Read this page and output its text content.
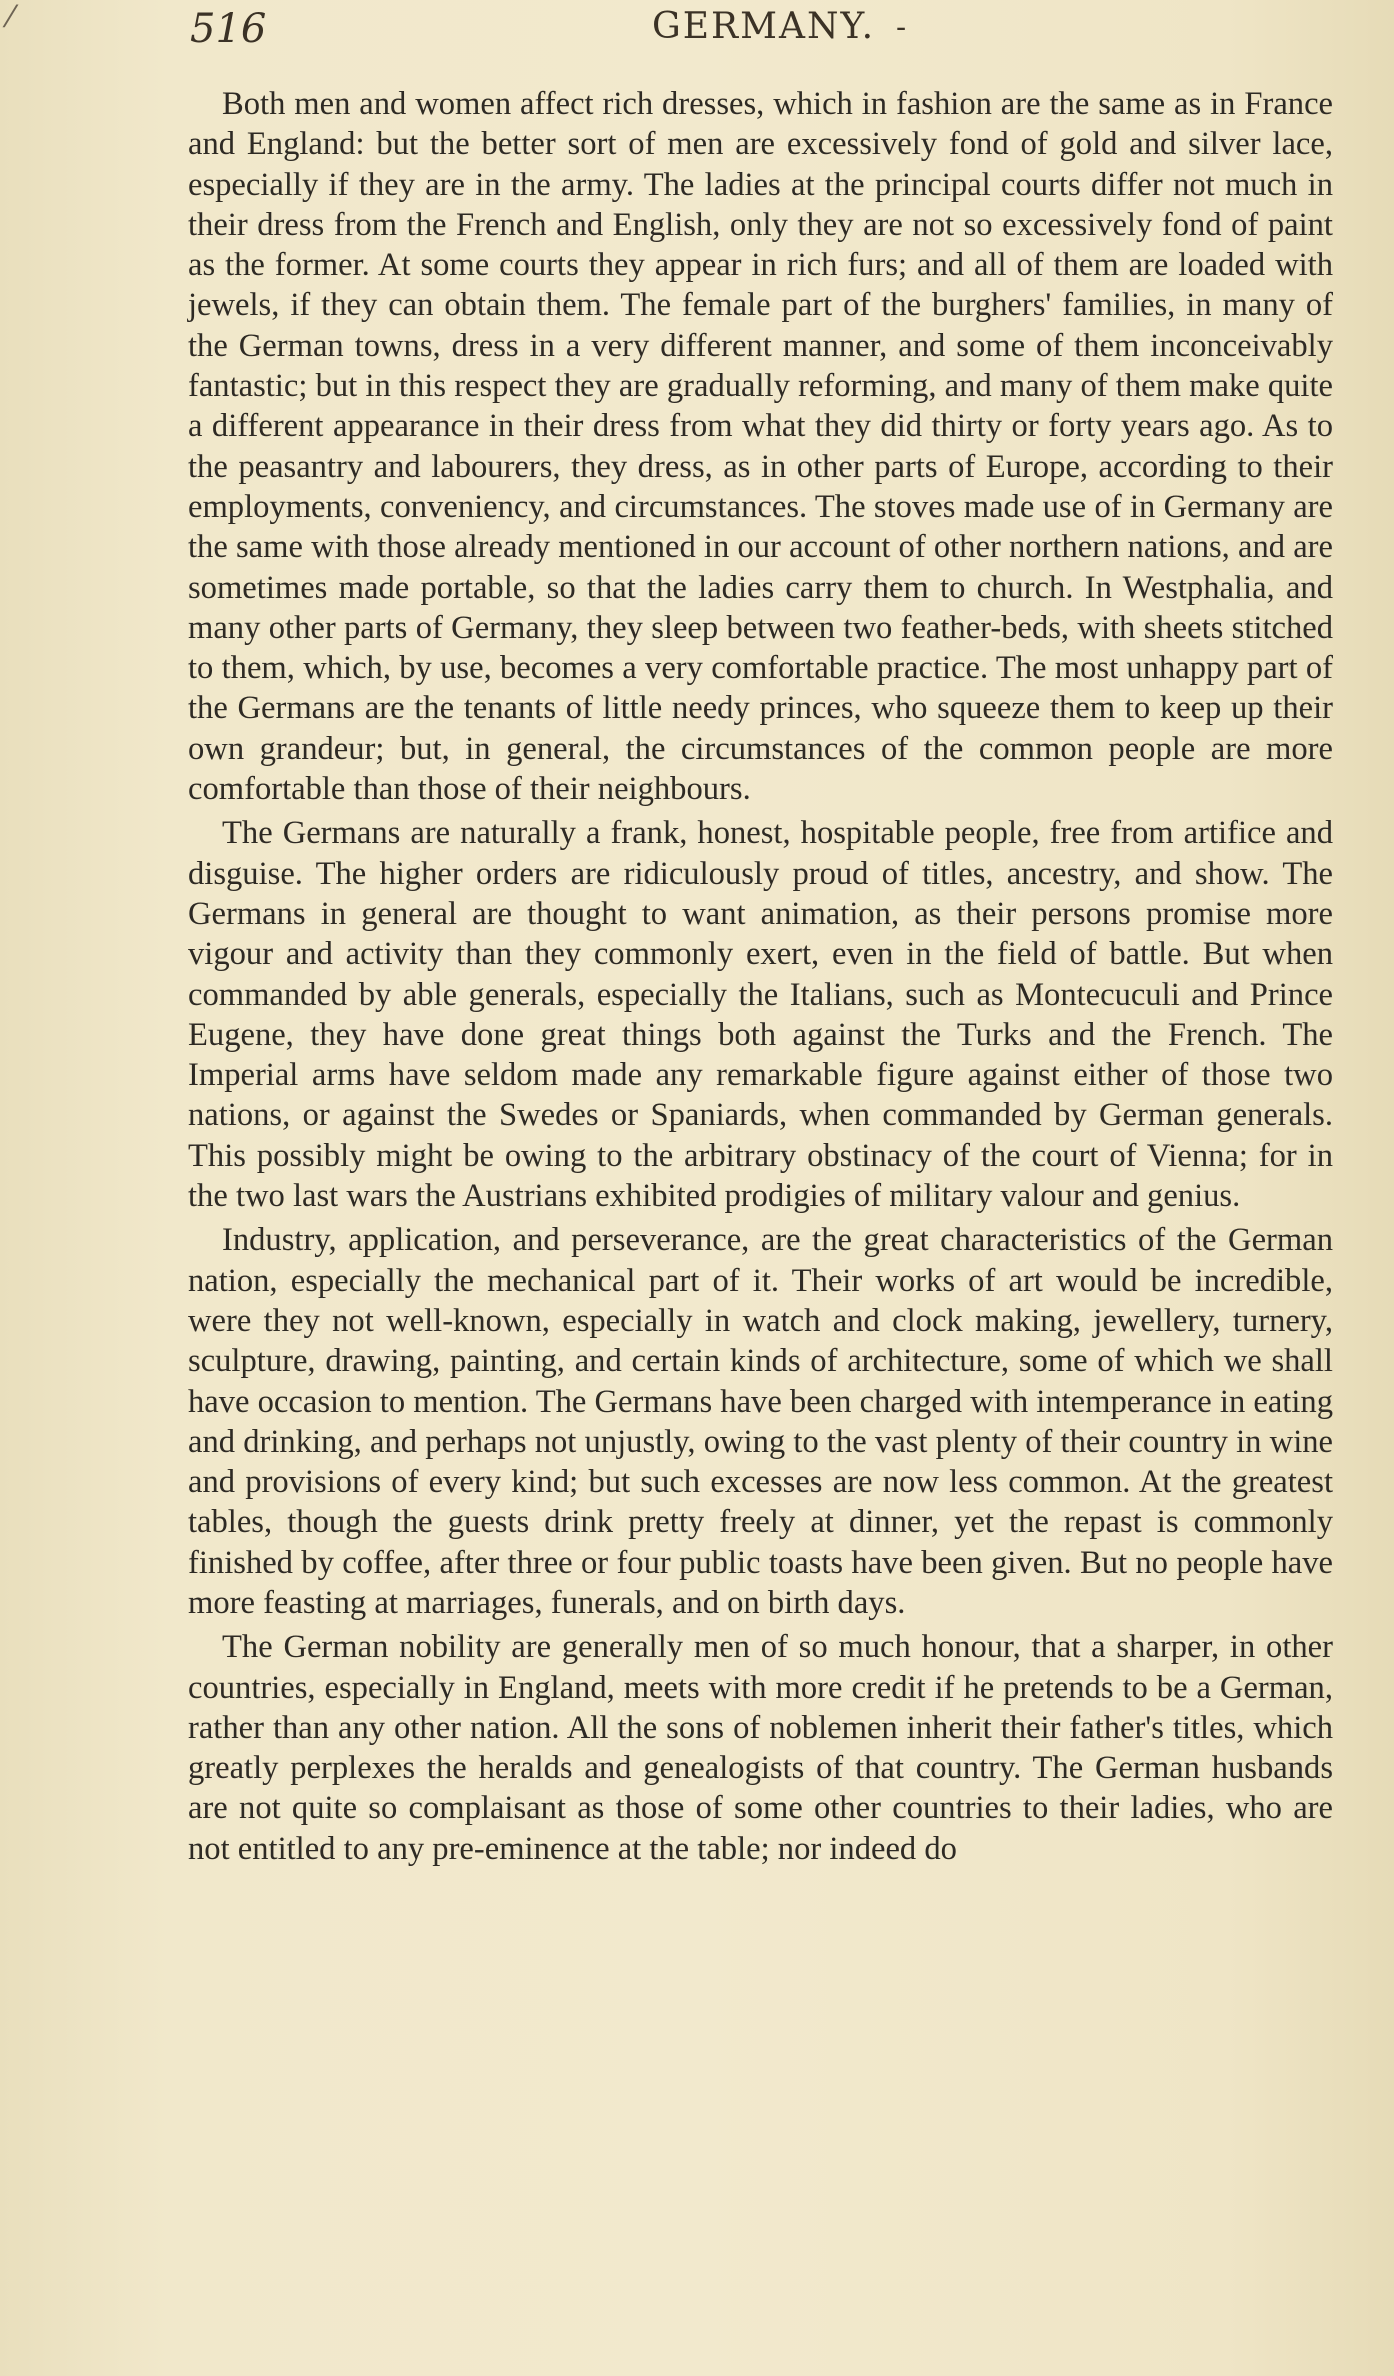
⁄	516	GERMANY. -

Both men and women affect rich dresses, which in fashion are the same as in France and England: but the better sort of men are excessively fond of gold and silver lace, especially if they are in the army. The ladies at the principal courts differ not much in their dress from the French and English, only they are not so excessively fond of paint as the former. At some courts they appear in rich furs; and all of them are loaded with jewels, if they can obtain them. The female part of the burghers' families, in many of the German towns, dress in a very different manner, and some of them inconceivably fantastic; but in this respect they are gradually reforming, and many of them make quite a different appearance in their dress from what they did thirty or forty years ago. As to the peasantry and labourers, they dress, as in other parts of Europe, according to their employments, conveniency, and circumstances. The stoves made use of in Germany are the same with those already mentioned in our account of other northern nations, and are sometimes made portable, so that the ladies carry them to church. In Westphalia, and many other parts of Germany, they sleep between two feather-beds, with sheets stitched to them, which, by use, becomes a very comfortable practice. The most unhappy part of the Germans are the tenants of little needy princes, who squeeze them to keep up their own grandeur; but, in general, the circumstances of the common people are more comfortable than those of their neighbours.

The Germans are naturally a frank, honest, hospitable people, free from artifice and disguise. The higher orders are ridiculously proud of titles, ancestry, and show. The Germans in general are thought to want animation, as their persons promise more vigour and activity than they commonly exert, even in the field of battle. But when commanded by able generals, especially the Italians, such as Montecuculi and Prince Eugene, they have done great things both against the Turks and the French. The Imperial arms have seldom made any remarkable figure against either of those two nations, or against the Swedes or Spaniards, when commanded by German generals. This possibly might be owing to the arbitrary obstinacy of the court of Vienna; for in the two last wars the Austrians exhibited prodigies of military valour and genius.

Industry, application, and perseverance, are the great characteristics of the German nation, especially the mechanical part of it. Their works of art would be incredible, were they not well-known, especially in watch and clock making, jewellery, turnery, sculpture, drawing, painting, and certain kinds of architecture, some of which we shall have occasion to mention. The Germans have been charged with intemperance in eating and drinking, and perhaps not unjustly, owing to the vast plenty of their country in wine and provisions of every kind; but such excesses are now less common. At the greatest tables, though the guests drink pretty freely at dinner, yet the repast is commonly finished by coffee, after three or four public toasts have been given. But no people have more feasting at marriages, funerals, and on birth days.

The German nobility are generally men of so much honour, that a sharper, in other countries, especially in England, meets with more credit if he pretends to be a German, rather than any other nation. All the sons of noblemen inherit their father's titles, which greatly perplexes the heralds and genealogists of that country. The German husbands are not quite so complaisant as those of some other countries to their ladies, who are not entitled to any pre-eminence at the table; nor indeed do
